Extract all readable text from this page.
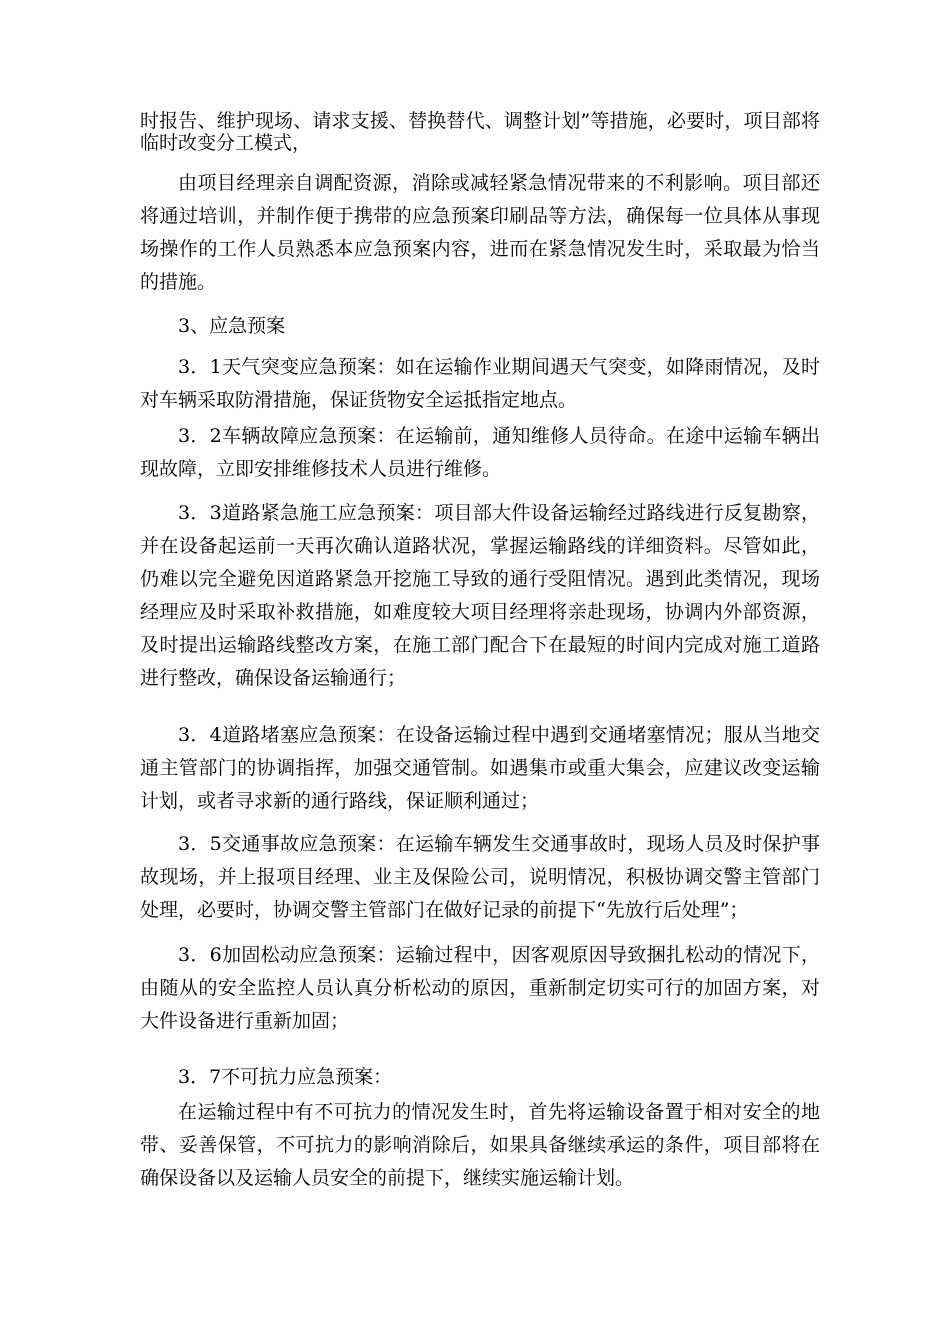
时报告、维护现场、请求支援、替换替代、调整计划”等措施，必要时，项目部将临时改变分工模式，

由项目经理亲自调配资源，消除或减轻紧急情况带来的不利影响。项目部还将通过培训，并制作便于携带的应急预案印刷品等方法，确保每一位具体从事现场操作的工作人员熟悉本应急预案内容，进而在紧急情况发生时，采取最为恰当的措施。

3、应急预案

3．1天气突变应急预案：如在运输作业期间遇天气突变，如降雨情况，及时对车辆采取防滑措施，保证货物安全运抵指定地点。

3．2车辆故障应急预案：在运输前，通知维修人员待命。在途中运输车辆出现故障，立即安排维修技术人员进行维修。

3．3道路紧急施工应急预案：项目部大件设备运输经过路线进行反复勘察，并在设备起运前一天再次确认道路状况，掌握运输路线的详细资料。尽管如此，仍难以完全避免因道路紧急开挖施工导致的通行受阻情况。遇到此类情况，现场经理应及时采取补救措施，如难度较大项目经理将亲赴现场，协调内外部资源，及时提出运输路线整改方案，在施工部门配合下在最短的时间内完成对施工道路进行整改，确保设备运输通行；

3．4道路堵塞应急预案：在设备运输过程中遇到交通堵塞情况；服从当地交通主管部门的协调指挥，加强交通管制。如遇集市或重大集会，应建议改变运输计划，或者寻求新的通行路线，保证顺利通过；

3．5交通事故应急预案：在运输车辆发生交通事故时，现场人员及时保护事故现场，并上报项目经理、业主及保险公司，说明情况，积极协调交警主管部门处理，必要时，协调交警主管部门在做好记录的前提下“先放行后处理”；

3．6加固松动应急预案：运输过程中，因客观原因导致捆扎松动的情况下，由随从的安全监控人员认真分析松动的原因，重新制定切实可行的加固方案，对大件设备进行重新加固；

3．7不可抗力应急预案：

在运输过程中有不可抗力的情况发生时，首先将运输设备置于相对安全的地带、妥善保管，不可抗力的影响消除后，如果具备继续承运的条件，项目部将在确保设备以及运输人员安全的前提下，继续实施运输计划。
